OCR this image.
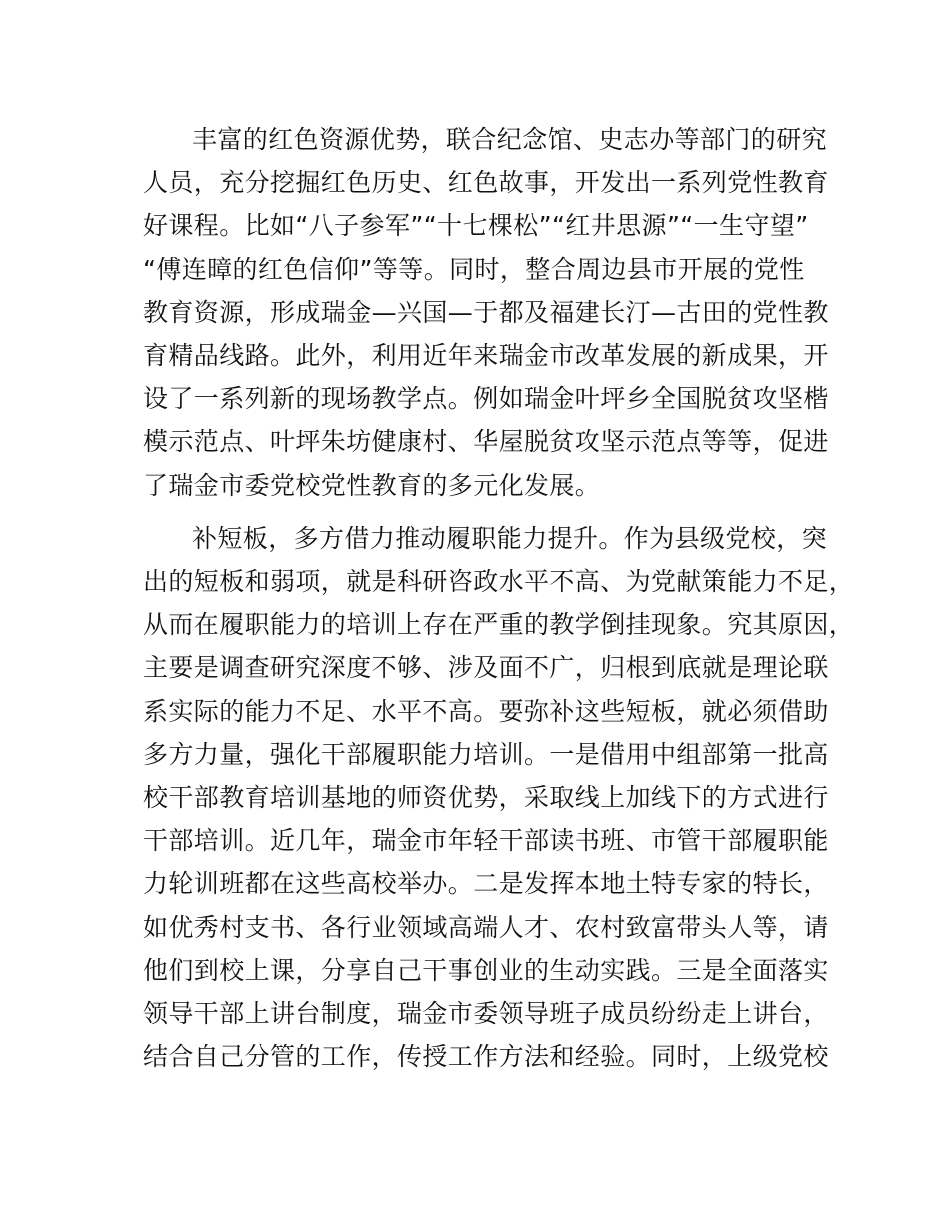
丰富的红色资源优势，联合纪念馆、史志办等部门的研究
人员，充分挖掘红色历史、红色故事，开发出一系列党性教育
好课程。比如“八子参军”“十七棵松”“红井思源”“一生守望”
“傅连暲的红色信仰”等等。同时，整合周边县市开展的党性
教育资源，形成瑞金—兴国—于都及福建长汀—古田的党性教
育精品线路。此外，利用近年来瑞金市改革发展的新成果，开
设了一系列新的现场教学点。例如瑞金叶坪乡全国脱贫攻坚楷
模示范点、叶坪朱坊健康村、华屋脱贫攻坚示范点等等，促进
了瑞金市委党校党性教育的多元化发展。
补短板，多方借力推动履职能力提升。作为县级党校，突
出的短板和弱项，就是科研咨政水平不高、为党献策能力不足，
从而在履职能力的培训上存在严重的教学倒挂现象。究其原因，
主要是调查研究深度不够、涉及面不广，归根到底就是理论联
系实际的能力不足、水平不高。要弥补这些短板，就必须借助
多方力量，强化干部履职能力培训。一是借用中组部第一批高
校干部教育培训基地的师资优势，采取线上加线下的方式进行
干部培训。近几年，瑞金市年轻干部读书班、市管干部履职能
力轮训班都在这些高校举办。二是发挥本地土特专家的特长，
如优秀村支书、各行业领域高端人才、农村致富带头人等，请
他们到校上课，分享自己干事创业的生动实践。三是全面落实
领导干部上讲台制度，瑞金市委领导班子成员纷纷走上讲台，
结合自己分管的工作，传授工作方法和经验。同时，上级党校
